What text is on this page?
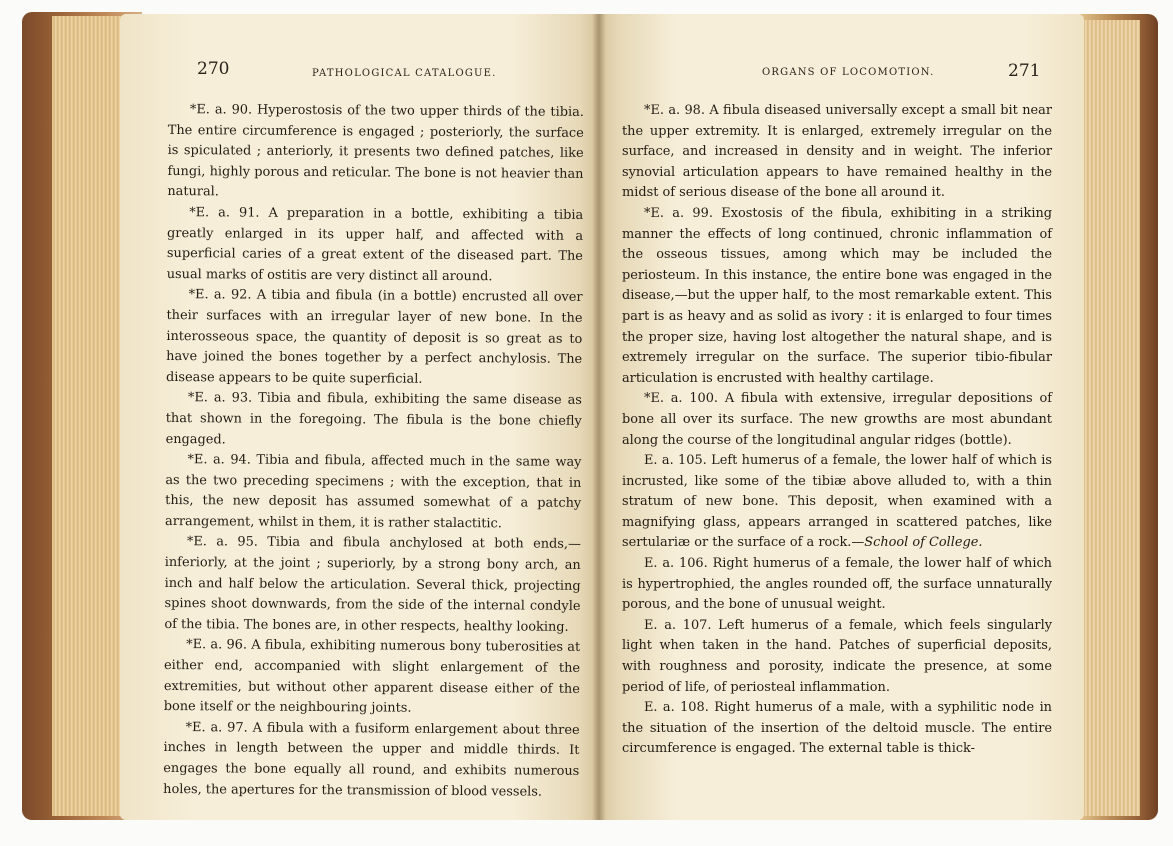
270	PATHOLOGICAL CATALOGUE.	ORGANS OF LOCOMOTION.	271

*E. a. 90. Hyperostosis of the two upper thirds of the tibia. The entire circumference is engaged ; posteriorly, the surface is spiculated ; anteriorly, it presents two defined patches, like fungi, highly porous and reticular. The bone is not heavier than natural.

*E. a. 91. A preparation in a bottle, exhibiting a tibia greatly enlarged in its upper half, and affected with a superficial caries of a great extent of the diseased part. The usual marks of ostitis are very distinct all around.

*E. a. 92. A tibia and fibula (in a bottle) encrusted all over their surfaces with an irregular layer of new bone. In the interosseous space, the quantity of deposit is so great as to have joined the bones together by a perfect anchylosis. The disease appears to be quite superficial.

*E. a. 93. Tibia and fibula, exhibiting the same disease as that shown in the foregoing. The fibula is the bone chiefly engaged.

*E. a. 94. Tibia and fibula, affected much in the same way as the two preceding specimens ; with the exception, that in this, the new deposit has assumed somewhat of a patchy arrangement, whilst in them, it is rather stalactitic.

*E. a. 95. Tibia and fibula anchylosed at both ends,—inferiorly, at the joint ; superiorly, by a strong bony arch, an inch and half below the articulation. Several thick, projecting spines shoot downwards, from the side of the internal condyle of the tibia. The bones are, in other respects, healthy looking.

*E. a. 96. A fibula, exhibiting numerous bony tuberosities at either end, accompanied with slight enlargement of the extremities, but without other apparent disease either of the bone itself or the neighbouring joints.

*E. a. 97. A fibula with a fusiform enlargement about three inches in length between the upper and middle thirds. It engages the bone equally all round, and exhibits numerous holes, the apertures for the transmission of blood vessels.

*E. a. 98. A fibula diseased universally except a small bit near the upper extremity. It is enlarged, extremely irregular on the surface, and increased in density and in weight. The inferior synovial articulation appears to have remained healthy in the midst of serious disease of the bone all around it.

*E. a. 99. Exostosis of the fibula, exhibiting in a striking manner the effects of long continued, chronic inflammation of the osseous tissues, among which may be included the periosteum. In this instance, the entire bone was engaged in the disease,—but the upper half, to the most remarkable extent. This part is as heavy and as solid as ivory : it is enlarged to four times the proper size, having lost altogether the natural shape, and is extremely irregular on the surface. The superior tibio-fibular articulation is encrusted with healthy cartilage.

*E. a. 100. A fibula with extensive, irregular depositions of bone all over its surface. The new growths are most abundant along the course of the longitudinal angular ridges (bottle).

E. a. 105. Left humerus of a female, the lower half of which is incrusted, like some of the tibiæ above alluded to, with a thin stratum of new bone. This deposit, when examined with a magnifying glass, appears arranged in scattered patches, like sertulariæ or the surface of a rock.—School of College.

E. a. 106. Right humerus of a female, the lower half of which is hypertrophied, the angles rounded off, the surface unnaturally porous, and the bone of unusual weight.

E. a. 107. Left humerus of a female, which feels singularly light when taken in the hand. Patches of superficial deposits, with roughness and porosity, indicate the presence, at some period of life, of periosteal inflammation.

E. a. 108. Right humerus of a male, with a syphilitic node in the situation of the insertion of the deltoid muscle. The entire circumference is engaged. The external table is thick-
